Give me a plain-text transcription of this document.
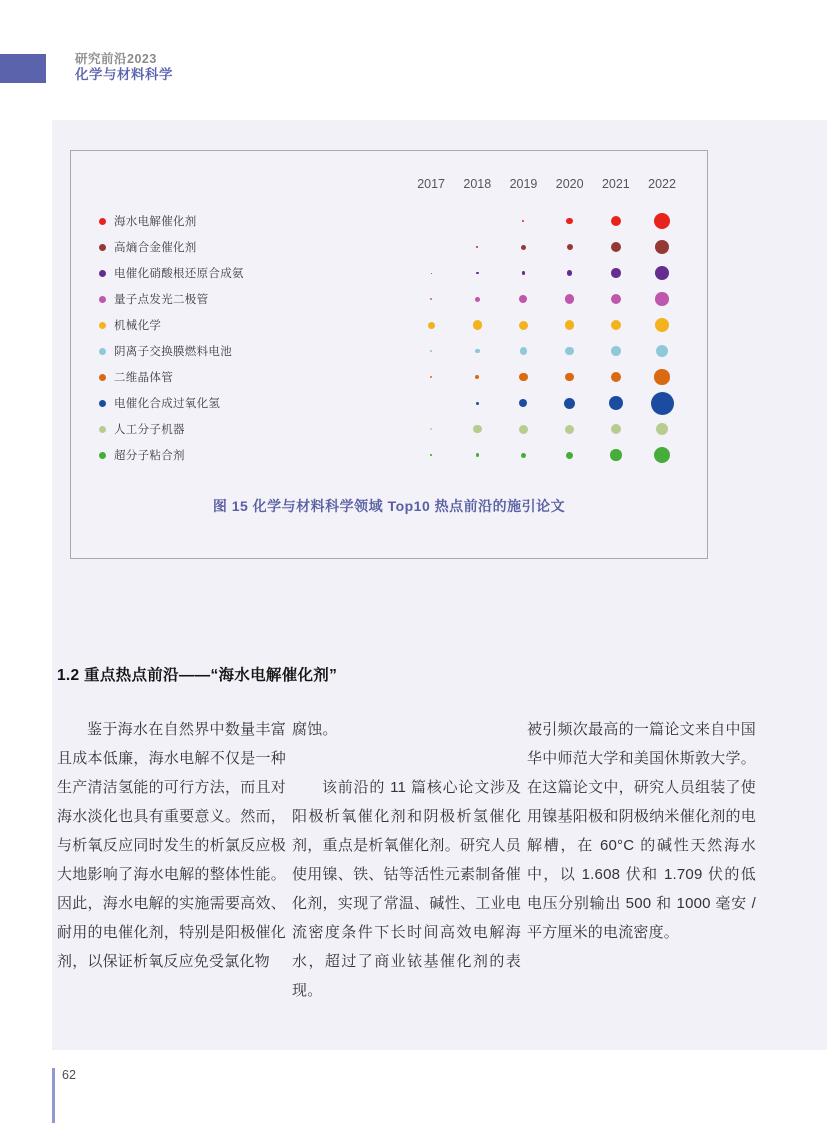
研究前沿2023
化学与材料科学
2017	2018	2019	2020	2021	2022
海水电解催化剂
高熵合金催化剂
电催化硝酸根还原合成氨
量子点发光二极管
机械化学
阴离子交换膜燃料电池
二维晶体管
电催化合成过氧化氢
人工分子机器
超分子粘合剂
图 15 化学与材料科学领域 Top10 热点前沿的施引论文
1.2 重点热点前沿——“海水电解催化剂”

鉴于海水在自然界中数量丰富且成本低廉，海水电解不仅是一种生产清洁氢能的可行方法，而且对海水淡化也具有重要意义。然而，与析氧反应同时发生的析氯反应极大地影响了海水电解的整体性能。因此，海水电解的实施需要高效、耐用的电催化剂，特别是阳极催化剂，以保证析氧反应免受氯化物

腐蚀。

该前沿的 11 篇核心论文涉及阳极析氧催化剂和阴极析氢催化剂，重点是析氧催化剂。研究人员使用镍、铁、钴等活性元素制备催化剂，实现了常温、碱性、工业电流密度条件下长时间高效电解海水，超过了商业铱基催化剂的表现。

被引频次最高的一篇论文来自中国华中师范大学和美国休斯敦大学。在这篇论文中，研究人员组装了使用镍基阳极和阴极纳米催化剂的电解槽，在 60°C 的碱性天然海水中，以 1.608 伏和 1.709 伏的低电压分别输出 500 和 1000 毫安 / 平方厘米的电流密度。

62
